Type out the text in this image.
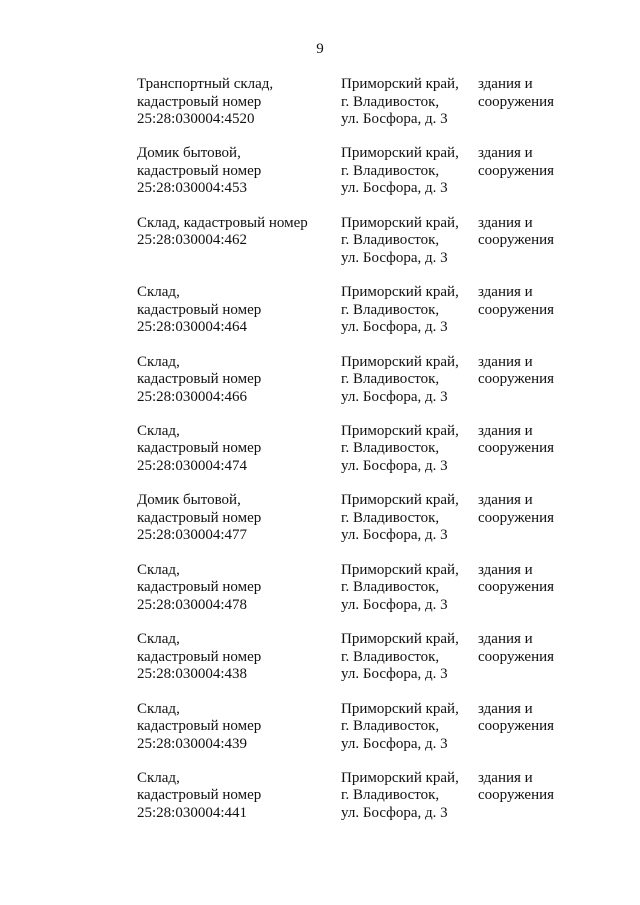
9
Транспортный склад,
кадастровый номер
25:28:030004:4520
Приморский край,
г. Владивосток,
ул. Босфора, д. 3
здания и
сооружения
Домик бытовой,
кадастровый номер
25:28:030004:453
Приморский край,
г. Владивосток,
ул. Босфора, д. 3
здания и
сооружения
Склад, кадастровый номер
25:28:030004:462
Приморский край,
г. Владивосток,
ул. Босфора, д. 3
здания и
сооружения
Склад,
кадастровый номер
25:28:030004:464
Приморский край,
г. Владивосток,
ул. Босфора, д. 3
здания и
сооружения
Склад,
кадастровый номер
25:28:030004:466
Приморский край,
г. Владивосток,
ул. Босфора, д. 3
здания и
сооружения
Склад,
кадастровый номер
25:28:030004:474
Приморский край,
г. Владивосток,
ул. Босфора, д. 3
здания и
сооружения
Домик бытовой,
кадастровый номер
25:28:030004:477
Приморский край,
г. Владивосток,
ул. Босфора, д. 3
здания и
сооружения
Склад,
кадастровый номер
25:28:030004:478
Приморский край,
г. Владивосток,
ул. Босфора, д. 3
здания и
сооружения
Склад,
кадастровый номер
25:28:030004:438
Приморский край,
г. Владивосток,
ул. Босфора, д. 3
здания и
сооружения
Склад,
кадастровый номер
25:28:030004:439
Приморский край,
г. Владивосток,
ул. Босфора, д. 3
здания и
сооружения
Склад,
кадастровый номер
25:28:030004:441
Приморский край,
г. Владивосток,
ул. Босфора, д. 3
здания и
сооружения
